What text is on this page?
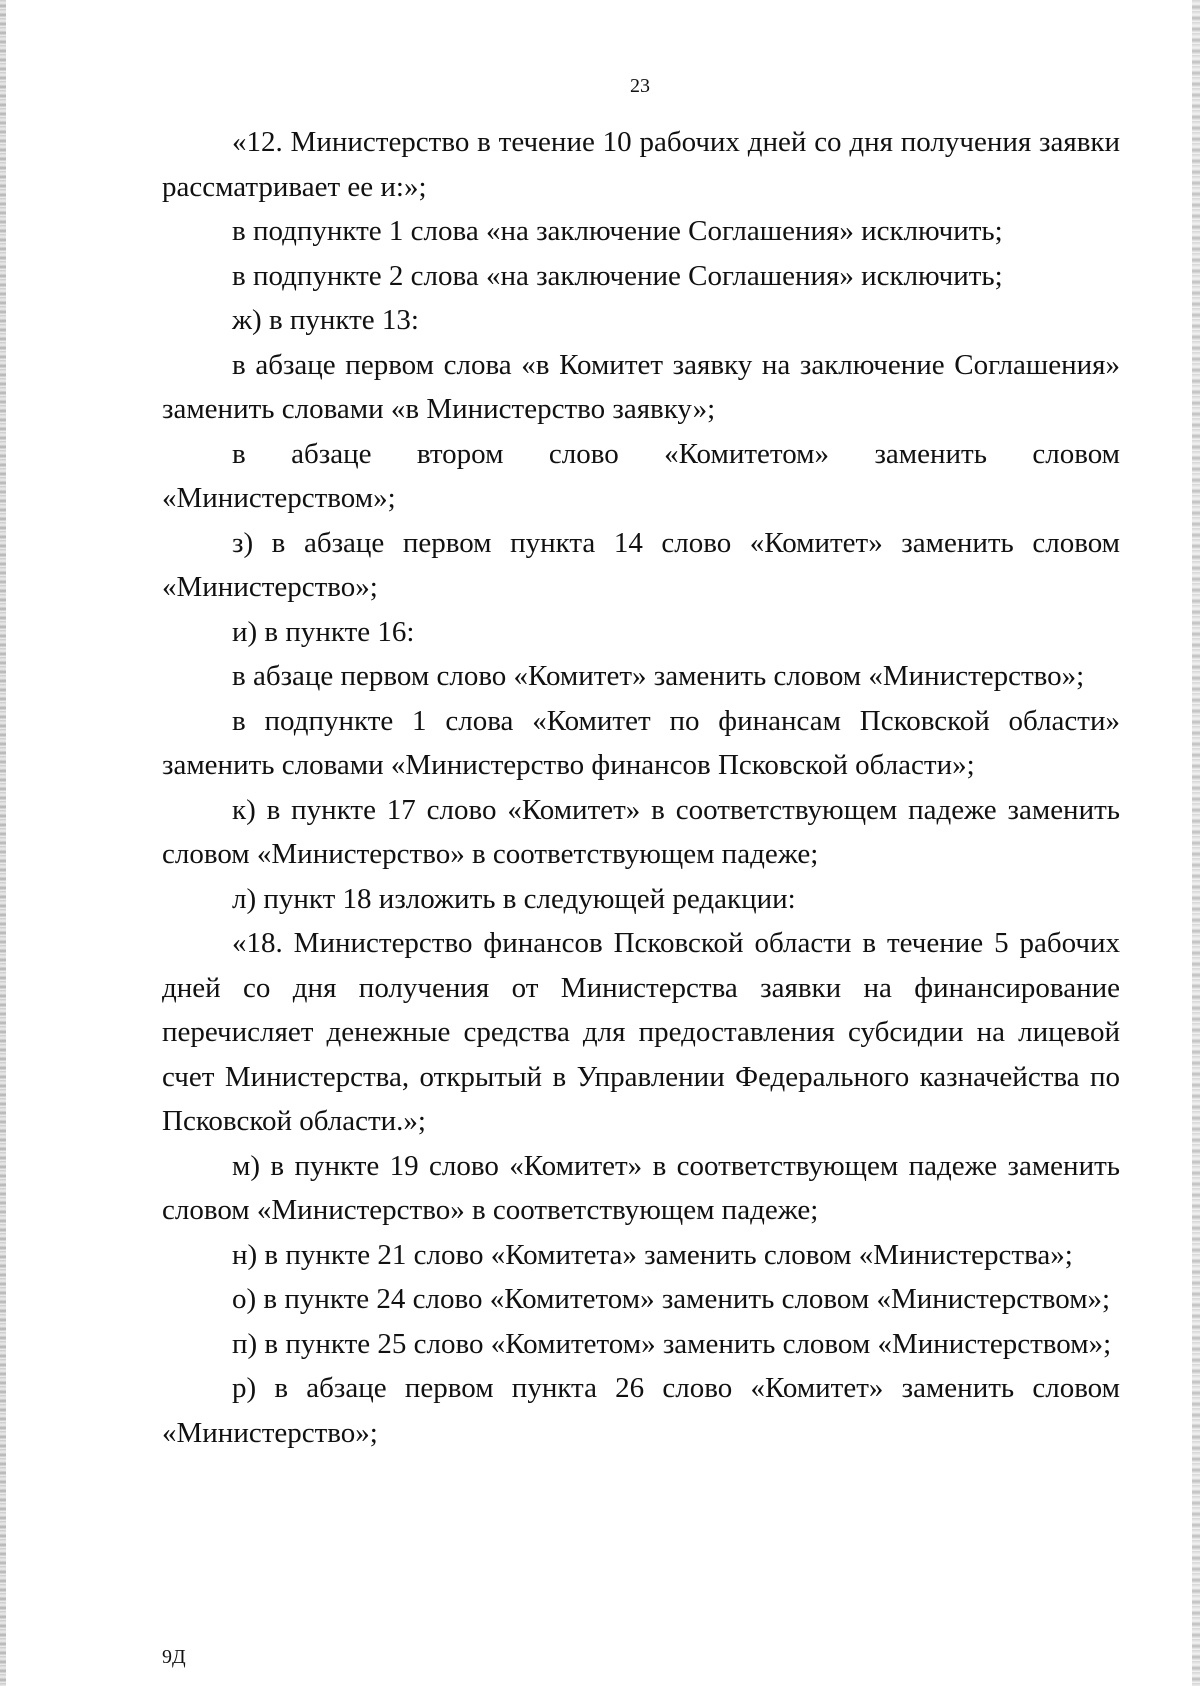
23

«12. Министерство в течение 10 рабочих дней со дня получения заявки рассматривает ее и:»;

в подпункте 1 слова «на заключение Соглашения» исключить;

в подпункте 2 слова «на заключение Соглашения» исключить;

ж) в пункте 13:

в абзаце первом слова «в Комитет заявку на заключение Соглашения» заменить словами «в Министерство заявку»;

в абзаце втором слово «Комитетом» заменить словом «Министерством»;

з) в абзаце первом пункта 14 слово «Комитет» заменить словом «Министерство»;

и) в пункте 16:

в абзаце первом слово «Комитет» заменить словом «Министерство»;

в подпункте 1 слова «Комитет по финансам Псковской области» заменить словами «Министерство финансов Псковской области»;

к) в пункте 17 слово «Комитет» в соответствующем падеже заменить словом «Министерство» в соответствующем падеже;

л) пункт 18 изложить в следующей редакции:

«18. Министерство финансов Псковской области в течение 5 рабочих дней со дня получения от Министерства заявки на финансирование перечисляет денежные средства для предоставления субсидии на лицевой счет Министерства, открытый в Управлении Федерального казначейства по Псковской области.»;

м) в пункте 19 слово «Комитет» в соответствующем падеже заменить словом «Министерство» в соответствующем падеже;

н) в пункте 21 слово «Комитета» заменить словом «Министерства»;

о) в пункте 24 слово «Комитетом» заменить словом «Министерством»;

п) в пункте 25 слово «Комитетом» заменить словом «Министерством»;

р) в абзаце первом пункта 26 слово «Комитет» заменить словом «Министерство»;

9Д
